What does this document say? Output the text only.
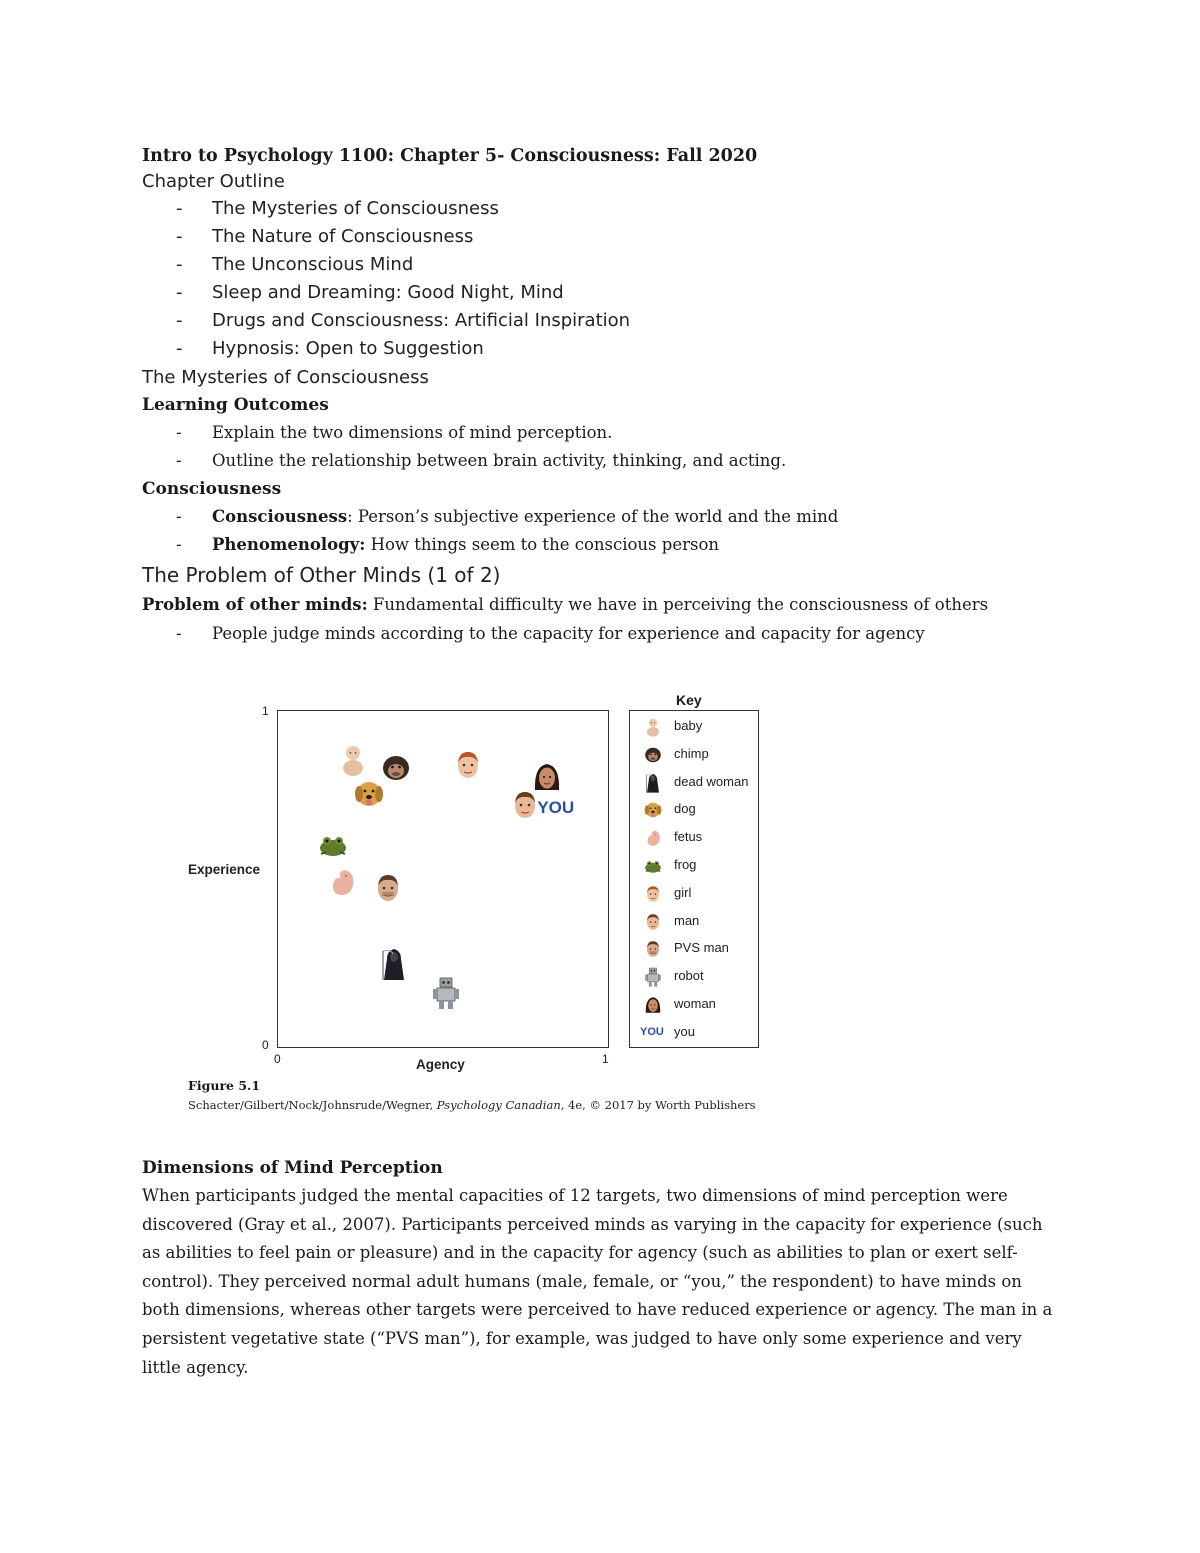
Intro to Psychology 1100: Chapter 5- Consciousness: Fall 2020

Chapter Outline

- The Mysteries of Consciousness
- The Nature of Consciousness
- The Unconscious Mind
- Sleep and Dreaming: Good Night, Mind
- Drugs and Consciousness: Artificial Inspiration
- Hypnosis: Open to Suggestion

The Mysteries of Consciousness

Learning Outcomes

- Explain the two dimensions of mind perception.
- Outline the relationship between brain activity, thinking, and acting.

Consciousness

- Consciousness: Person’s subjective experience of the world and the mind
- Phenomenology: How things seem to the conscious person

The Problem of Other Minds (1 of 2)

Problem of other minds: Fundamental difficulty we have in perceiving the consciousness of others

- People judge minds according to the capacity for experience and capacity for agency
1
0
0	1
Experience
Agency
YOU
Key
baby
chimp
dead woman
dog
fetus
frog
girl
man
PVS man
robot
woman
YOU you
Figure 5.1
Schacter/Gilbert/Nock/Johnsrude/Wegner, Psychology Canadian, 4e, © 2017 by Worth Publishers

Dimensions of Mind Perception

When participants judged the mental capacities of 12 targets, two dimensions of mind perception were discovered (Gray et al., 2007). Participants perceived minds as varying in the capacity for experience (such as abilities to feel pain or pleasure) and in the capacity for agency (such as abilities to plan or exert self-control). They perceived normal adult humans (male, female, or “you,” the respondent) to have minds on both dimensions, whereas other targets were perceived to have reduced experience or agency. The man in a persistent vegetative state (“PVS man”), for example, was judged to have only some experience and very little agency.
